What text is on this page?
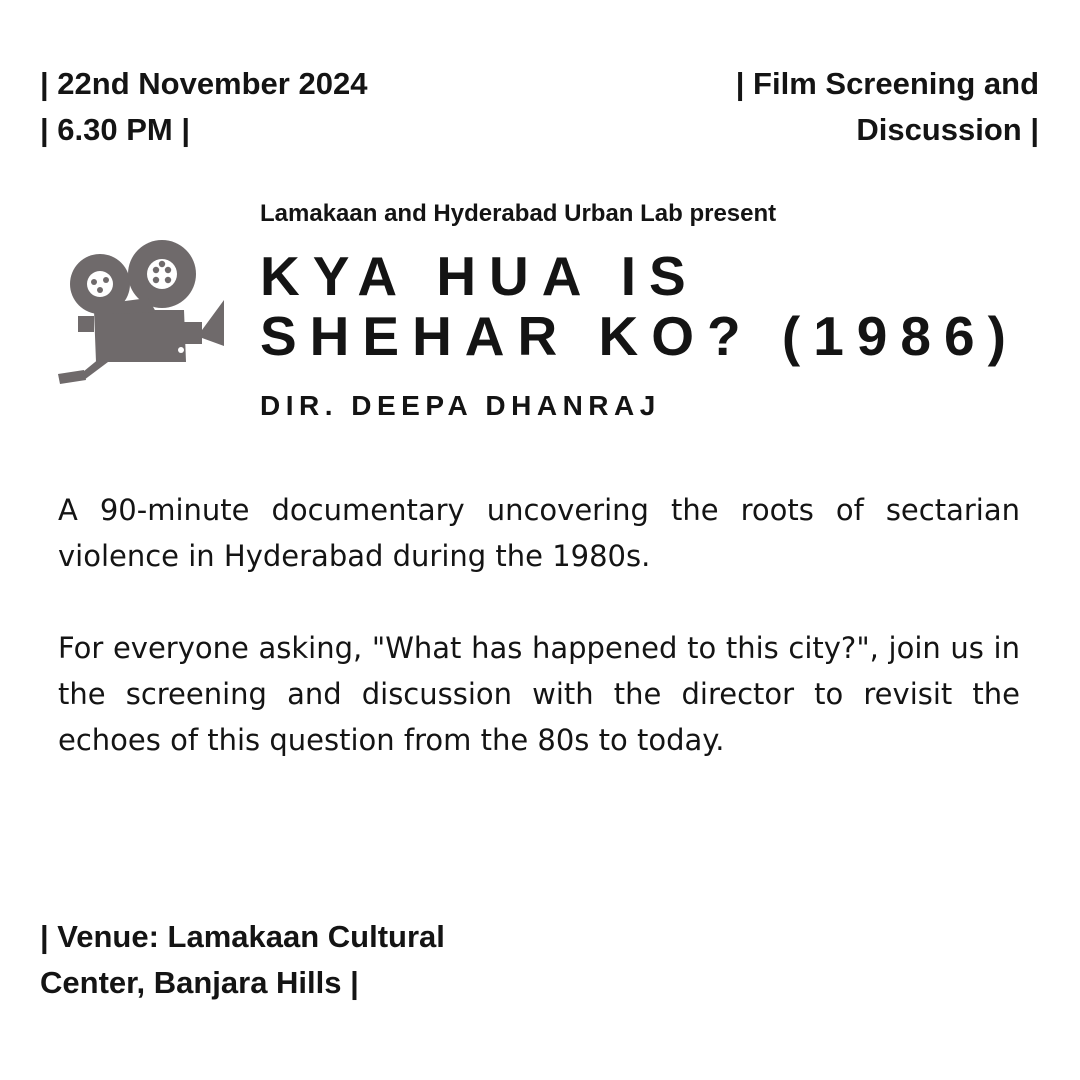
| 22nd November 2024
| 6.30 PM |
| Film Screening and
Discussion |
Lamakaan and Hyderabad Urban Lab present
KYA HUA IS
SHEHAR KO? (1986)
DIR. DEEPA DHANRAJ

A 90-minute documentary uncovering the roots of sectarian violence in Hyderabad during the 1980s.

For everyone asking, "What has happened to this city?", join us in the screening and discussion with the director to revisit the echoes of this question from the 80s to today.

| Venue: Lamakaan Cultural
Center, Banjara Hills |
